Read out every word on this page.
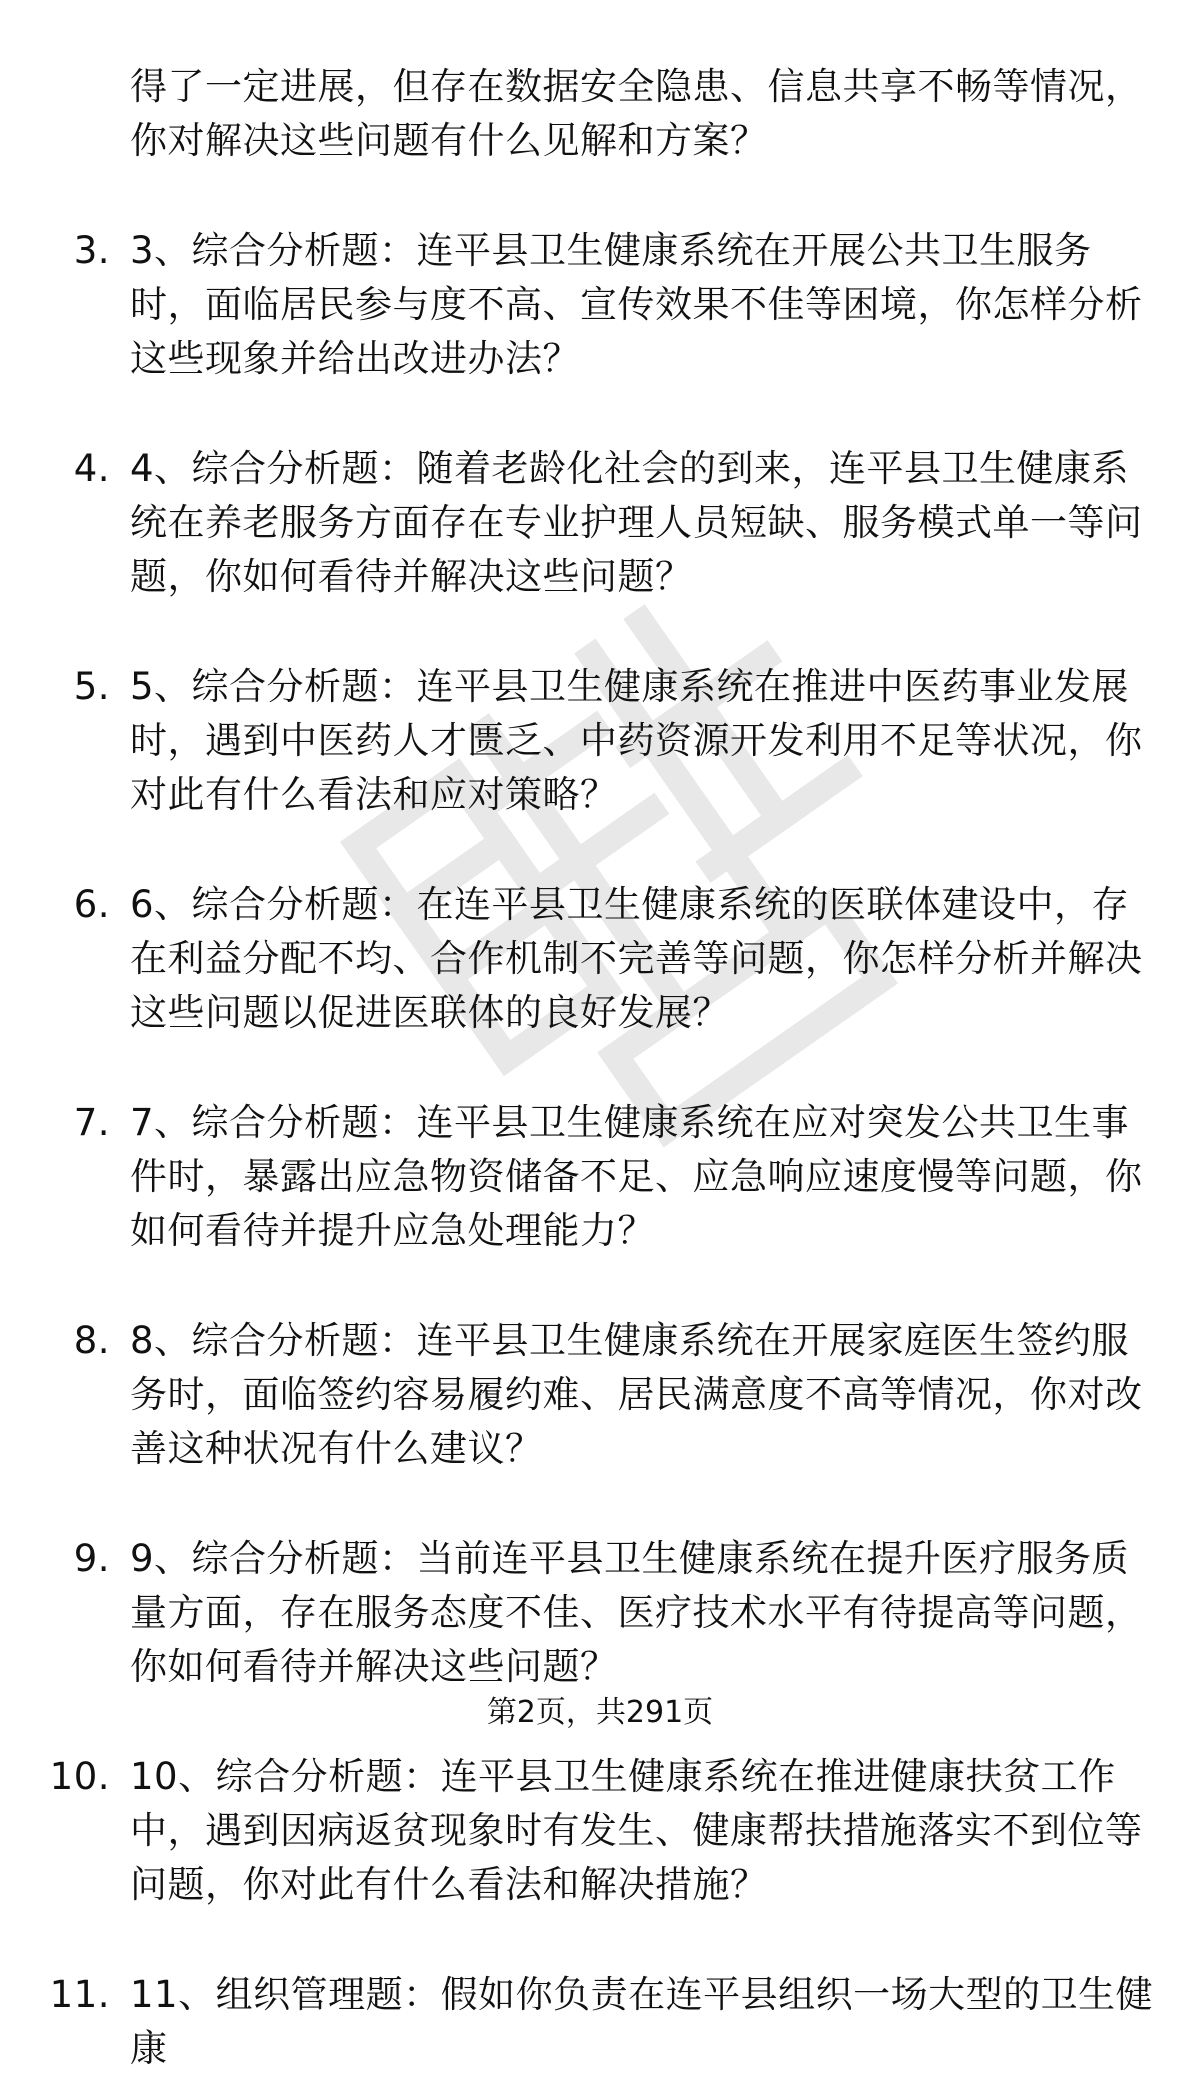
得了一定进展，但存在数据安全隐患、信息共享不畅等情况，你对解决这些问题有什么见解和方案？
3. 3、综合分析题：连平县卫生健康系统在开展公共卫生服务时，面临居民参与度不高、宣传效果不佳等困境，你怎样分析这些现象并给出改进办法？
4. 4、综合分析题：随着老龄化社会的到来，连平县卫生健康系统在养老服务方面存在专业护理人员短缺、服务模式单一等问题，你如何看待并解决这些问题？
5. 5、综合分析题：连平县卫生健康系统在推进中医药事业发展时，遇到中医药人才匮乏、中药资源开发利用不足等状况，你对此有什么看法和应对策略？
6. 6、综合分析题：在连平县卫生健康系统的医联体建设中，存在利益分配不均、合作机制不完善等问题，你怎样分析并解决这些问题以促进医联体的良好发展？
7. 7、综合分析题：连平县卫生健康系统在应对突发公共卫生事件时，暴露出应急物资储备不足、应急响应速度慢等问题，你如何看待并提升应急处理能力？
8. 8、综合分析题：连平县卫生健康系统在开展家庭医生签约服务时，面临签约容易履约难、居民满意度不高等情况，你对改善这种状况有什么建议？
9. 9、综合分析题：当前连平县卫生健康系统在提升医疗服务质量方面，存在服务态度不佳、医疗技术水平有待提高等问题，你如何看待并解决这些问题？
10. 10、综合分析题：连平县卫生健康系统在推进健康扶贫工作中，遇到因病返贫现象时有发生、健康帮扶措施落实不到位等问题，你对此有什么看法和解决措施？
11. 11、组织管理题：假如你负责在连平县组织一场大型的卫生健康
第2页，共291页
